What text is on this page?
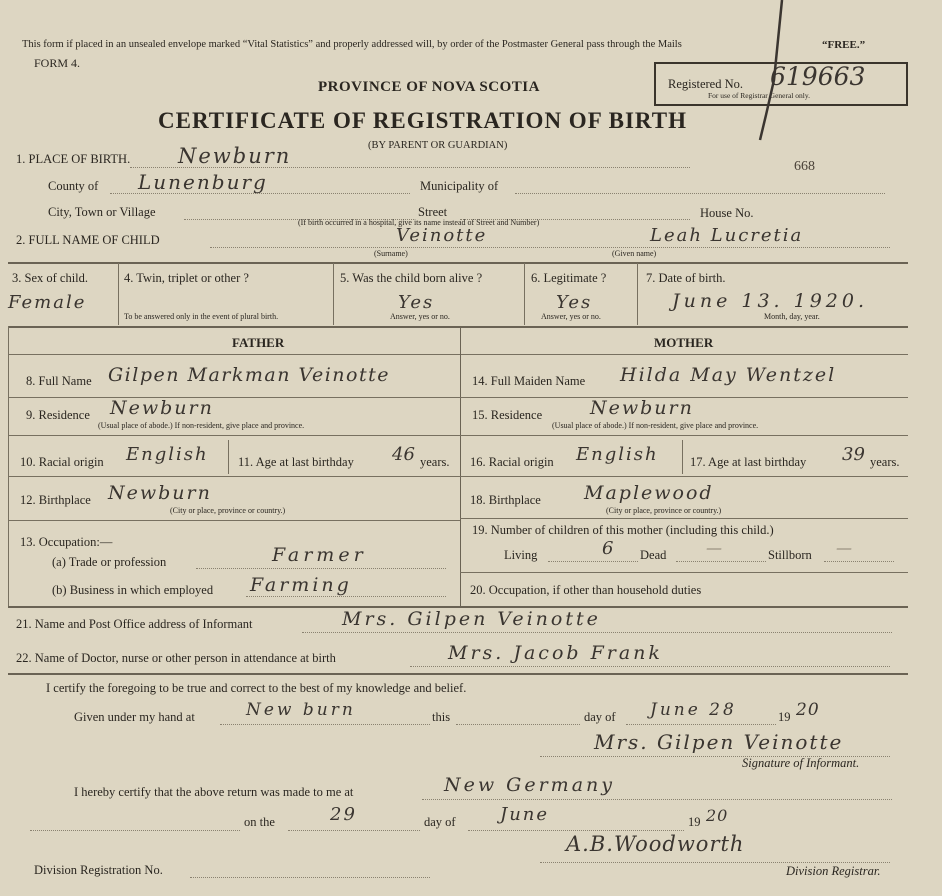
This form if placed in an unsealed envelope marked “Vital Statistics” and properly addressed will, by order of the Postmaster General pass through the Mails	“FREE.”
FORM 4.
PROVINCE OF NOVA SCOTIA
CERTIFICATE OF REGISTRATION OF BIRTH
(BY PARENT OR GUARDIAN)
Registered No. 619663
For use of Registrar General only.
668
1. PLACE OF BIRTH. Newburn
County of Lunenburg	Municipality of
City, Town or Village	Street	House No.
(If birth occurred in a hospital, give its name instead of Street and Number)
2. FULL NAME OF CHILD	Veinotte	Leah Lucretia
(Surname)	(Given name)
3. Sex of child.
Female
4. Twin, triplet or other ?
To be answered only in the event of plural birth.
5. Was the child born alive ?
Yes
Answer, yes or no.
6. Legitimate ?
Yes
Answer, yes or no.
7. Date of birth.
June 13. 1920.
Month, day, year.
FATHER	MOTHER
8. Full Name Gilpen Markman Veinotte
9. Residence Newburn
(Usual place of abode.) If non-resident, give place and province.
10. Racial origin English 11. Age at last birthday 46 years.
12. Birthplace Newburn
(City or place, province or country.)
13. Occupation:—
(a) Trade or profession	Farmer
(b) Business in which employed Farming
14. Full Maiden Name Hilda May Wentzel
15. Residence	Newburn
(Usual place of abode.) If non-resident, give place and province.
16. Racial origin English	17. Age at last birthday 39 years.
18. Birthplace Maplewood
(City or place, province or country.)
19. Number of children of this mother (including this child.)
Living	6 Dead —	Stillborn —
20. Occupation, if other than household duties
21. Name and Post Office address of Informant	Mrs. Gilpen Veinotte
22. Name of Doctor, nurse or other person in attendance at birth	Mrs. Jacob Frank
I certify the foregoing to be true and correct to the best of my knowledge and belief.
Given under my hand at	New burn	this	day of June 28	19 20
Mrs. Gilpen Veinotte
Signature of Informant.
I hereby certify that the above return was made to me at	New Germany
on the	29	day of June	19 20
A.B.Woodworth
Division Registration No.	Division Registrar.
